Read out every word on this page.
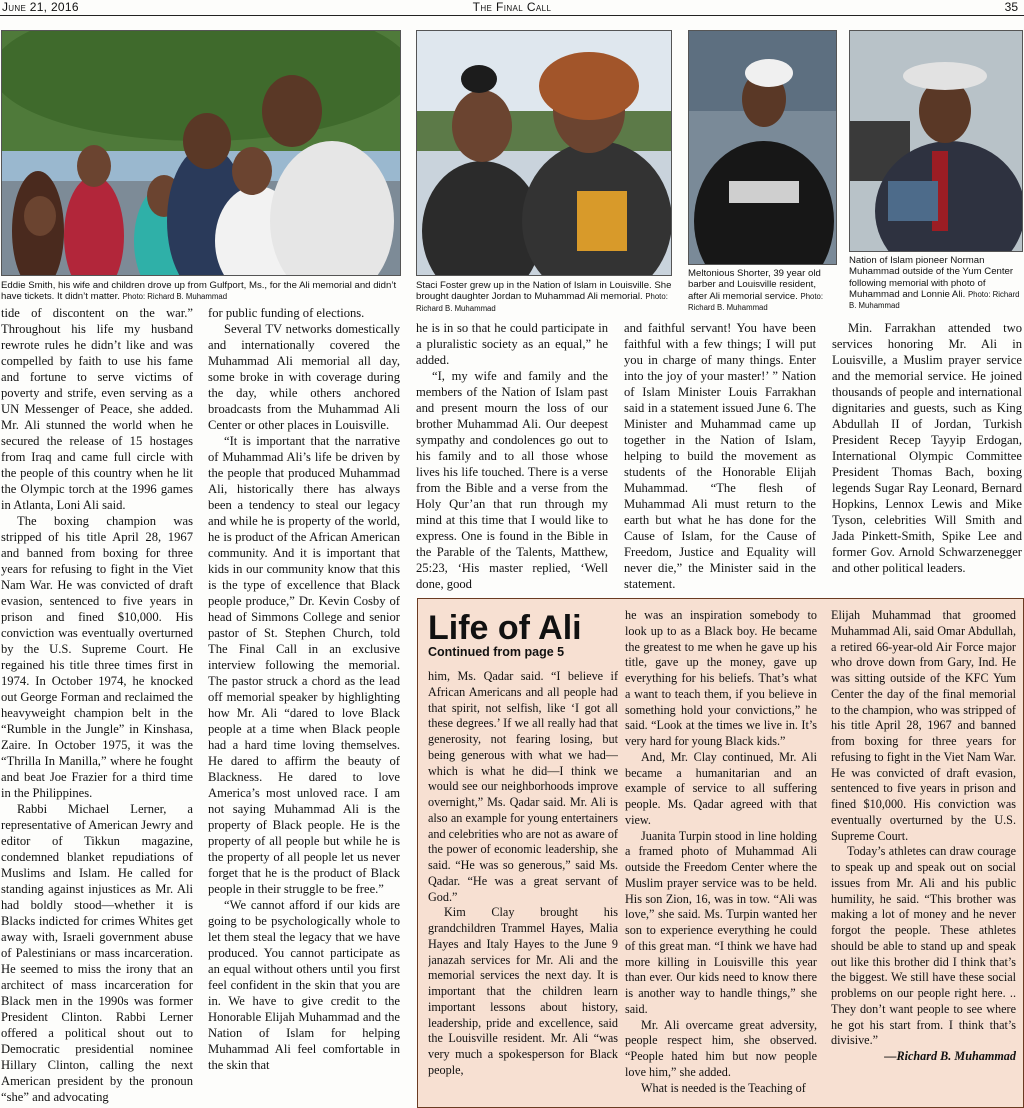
June 21, 2016	The Final Call	35

Eddie Smith, his wife and children drove up from Gulfport, Ms., for the Ali memorial and didn’t have tickets. It didn’t matter. Photo: Richard B. Muhammad

Staci Foster grew up in the Nation of Islam in Louisville. She brought daughter Jordan to Muhammad Ali memorial. Photo: Richard B. Muhammad

Meltonious Shorter, 39 year old barber and Louisville resident, after Ali memorial service. Photo: Richard B. Muhammad

Nation of Islam pioneer Norman Muhammad outside of the Yum Center following memorial with photo of Muhammad and Lonnie Ali. Photo: Richard B. Muhammad

tide of discontent on the war.” Throughout his life my husband rewrote rules he didn’t like and was compelled by faith to use his fame and fortune to serve victims of poverty and strife, even serving as a UN Messenger of Peace, she added. Mr. Ali stunned the world when he secured the release of 15 hostages from Iraq and came full circle with the people of this country when he lit the Olympic torch at the 1996 games in Atlanta, Loni Ali said.

The boxing champion was stripped of his title April 28, 1967 and banned from boxing for three years for refusing to fight in the Viet Nam War. He was convicted of draft evasion, sentenced to five years in prison and fined $10,000. His conviction was eventually overturned by the U.S. Supreme Court. He regained his title three times first in 1974. In October 1974, he knocked out George Forman and reclaimed the heavyweight champion belt in the “Rumble in the Jungle” in Kinshasa, Zaire. In October 1975, it was the “Thrilla In Manilla,” where he fought and beat Joe Frazier for a third time in the Philippines.

Rabbi Michael Lerner, a representative of American Jewry and editor of Tikkun magazine, condemned blanket repudiations of Muslims and Islam. He called for standing against injustices as Mr. Ali had boldly stood—whether it is Blacks indicted for crimes Whites get away with, Israeli government abuse of Palestinians or mass incarceration. He seemed to miss the irony that an architect of mass incarceration for Black men in the 1990s was former President Clinton. Rabbi Lerner offered a political shout out to Democratic presidential nominee Hillary Clinton, calling the next American president by the pronoun “she” and advocating

for public funding of elections.

Several TV networks domestically and internationally covered the Muhammad Ali memorial all day, some broke in with coverage during the day, while others anchored broadcasts from the Muhammad Ali Center or other places in Louisville.

“It is important that the narrative of Muhammad Ali’s life be driven by the people that produced Muhammad Ali, historically there has always been a tendency to steal our legacy and while he is property of the world, he is product of the African American community. And it is important that kids in our community know that this is the type of excellence that Black people produce,” Dr. Kevin Cosby of head of Simmons College and senior pastor of St. Stephen Church, told The Final Call in an exclusive interview following the memorial. The pastor struck a chord as the lead off memorial speaker by highlighting how Mr. Ali “dared to love Black people at a time when Black people had a hard time loving themselves. He dared to affirm the beauty of Blackness. He dared to love America’s most unloved race. I am not saying Muhammad Ali is the property of Black people. He is the property of all people but while he is the property of all people let us never forget that he is the product of Black people in their struggle to be free.”

“We cannot afford if our kids are going to be psychologically whole to let them steal the legacy that we have produced. You cannot participate as an equal without others until you first feel confident in the skin that you are in. We have to give credit to the Honorable Elijah Muhammad and the Nation of Islam for helping Muhammad Ali feel comfortable in the skin that

he is in so that he could participate in a pluralistic society as an equal,” he added.

“I, my wife and family and the members of the Nation of Islam past and present mourn the loss of our brother Muhammad Ali. Our deepest sympathy and condolences go out to his family and to all those whose lives his life touched. There is a verse from the Bible and a verse from the Holy Qur’an that run through my mind at this time that I would like to express. One is found in the Bible in the Parable of the Talents, Matthew, 25:23, ‘His master replied, ‘Well done, good

and faithful servant! You have been faithful with a few things; I will put you in charge of many things. Enter into the joy of your master!’ ” Nation of Islam Minister Louis Farrakhan said in a statement issued June 6. The Minister and Muhammad came up together in the Nation of Islam, helping to build the movement as students of the Honorable Elijah Muhammad. “The flesh of Muhammad Ali must return to the earth but what he has done for the Cause of Islam, for the Cause of Freedom, Justice and Equality will never die,” the Minister said in the statement.

Min. Farrakhan attended two services honoring Mr. Ali in Louisville, a Muslim prayer service and the memorial service. He joined thousands of people and international dignitaries and guests, such as King Abdullah II of Jordan, Turkish President Recep Tayyip Erdogan, International Olympic Committee President Thomas Bach, boxing legends Sugar Ray Leonard, Bernard Hopkins, Lennox Lewis and Mike Tyson, celebrities Will Smith and Jada Pinkett-Smith, Spike Lee and former Gov. Arnold Schwarzenegger and other political leaders.

Life of Ali

Continued from page 5

him, Ms. Qadar said. “I believe if African Americans and all people had that spirit, not selfish, like ‘I got all these degrees.’ If we all really had that generosity, not fearing losing, but being generous with what we had—which is what he did—I think we would see our neighborhoods improve overnight,” Ms. Qadar said. Mr. Ali is also an example for young entertainers and celebrities who are not as aware of the power of economic leadership, she said. “He was so generous,” said Ms. Qadar. “He was a great servant of God.”

Kim Clay brought his grandchildren Trammel Hayes, Malia Hayes and Italy Hayes to the June 9 janazah services for Mr. Ali and the memorial services the next day. It is important that the children learn important lessons about history, leadership, pride and excellence, said the Louisville resident. Mr. Ali “was very much a spokesperson for Black people,

he was an inspiration somebody to look up to as a Black boy. He became the greatest to me when he gave up his title, gave up the money, gave up everything for his beliefs. That’s what a want to teach them, if you believe in something hold your convictions,” he said. “Look at the times we live in. It’s very hard for young Black kids.”

And, Mr. Clay continued, Mr. Ali became a humanitarian and an example of service to all suffering people. Ms. Qadar agreed with that view.

Juanita Turpin stood in line holding a framed photo of Muhammad Ali outside the Freedom Center where the Muslim prayer service was to be held. His son Zion, 16, was in tow. “Ali was love,” she said. Ms. Turpin wanted her son to experience everything he could of this great man. “I think we have had more killing in Louisville this year than ever. Our kids need to know there is another way to handle things,” she said.

Mr. Ali overcame great adversity, people respect him, she observed. “People hated him but now people love him,” she added.

What is needed is the Teaching of

Elijah Muhammad that groomed Muhammad Ali, said Omar Abdullah, a retired 66-year-old Air Force major who drove down from Gary, Ind. He was sitting outside of the KFC Yum Center the day of the final memorial to the champion, who was stripped of his title April 28, 1967 and banned from boxing for three years for refusing to fight in the Viet Nam War. He was convicted of draft evasion, sentenced to five years in prison and fined $10,000. His conviction was eventually overturned by the U.S. Supreme Court.

Today’s athletes can draw courage to speak up and speak out on social issues from Mr. Ali and his public humility, he said. “This brother was making a lot of money and he never forgot the people. These athletes should be able to stand up and speak out like this brother did I think that’s the biggest. We still have these social problems on our people right here. .. They don’t want people to see where he got his start from. I think that’s divisive.”

—Richard B. Muhammad
